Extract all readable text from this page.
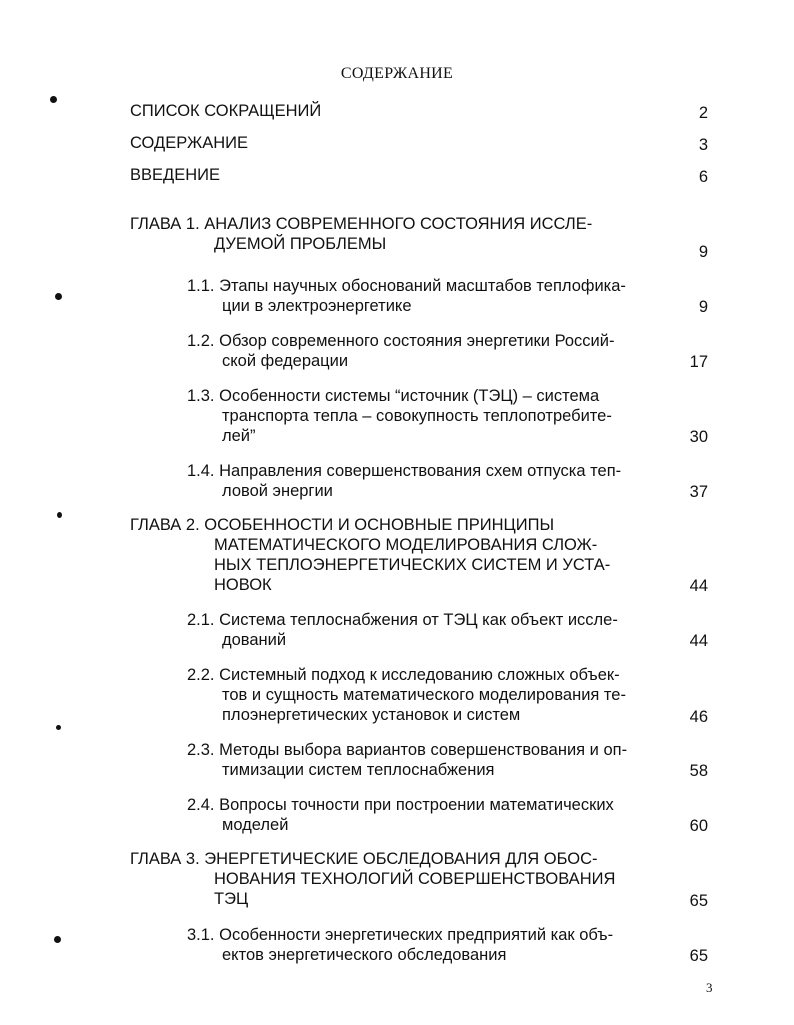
СОДЕРЖАНИЕ
СПИСОК СОКРАЩЕНИЙ	2
СОДЕРЖАНИЕ	3
ВВЕДЕНИЕ	6
ГЛАВА 1. АНАЛИЗ СОВРЕМЕННОГО СОСТОЯНИЯ ИССЛЕ-
ДУЕМОЙ ПРОБЛЕМЫ	9
1.1. Этапы научных обоснований масштабов теплофика-
ции в электроэнергетике	9
1.2. Обзор современного состояния энергетики Россий-
ской федерации	17
1.3. Особенности системы “источник (ТЭЦ) – система
транспорта тепла – совокупность теплопотребите-
лей”	30
1.4. Направления совершенствования схем отпуска теп-
ловой энергии	37
ГЛАВА 2. ОСОБЕННОСТИ И ОСНОВНЫЕ ПРИНЦИПЫ
МАТЕМАТИЧЕСКОГО МОДЕЛИРОВАНИЯ СЛОЖ-
НЫХ ТЕПЛОЭНЕРГЕТИЧЕСКИХ СИСТЕМ И УСТА-
НОВОК	44
2.1. Система теплоснабжения от ТЭЦ как объект иссле-
дований	44
2.2. Системный подход к исследованию сложных объек-
тов и сущность математического моделирования те-
плоэнергетических установок и систем	46
2.3. Методы выбора вариантов совершенствования и оп-
тимизации систем теплоснабжения	58
2.4. Вопросы точности при построении математических
моделей	60
ГЛАВА 3. ЭНЕРГЕТИЧЕСКИЕ ОБСЛЕДОВАНИЯ ДЛЯ ОБОС-
НОВАНИЯ ТЕХНОЛОГИЙ СОВЕРШЕНСТВОВАНИЯ
ТЭЦ	65
3.1. Особенности энергетических предприятий как объ-
ектов энергетического обследования	65
3
